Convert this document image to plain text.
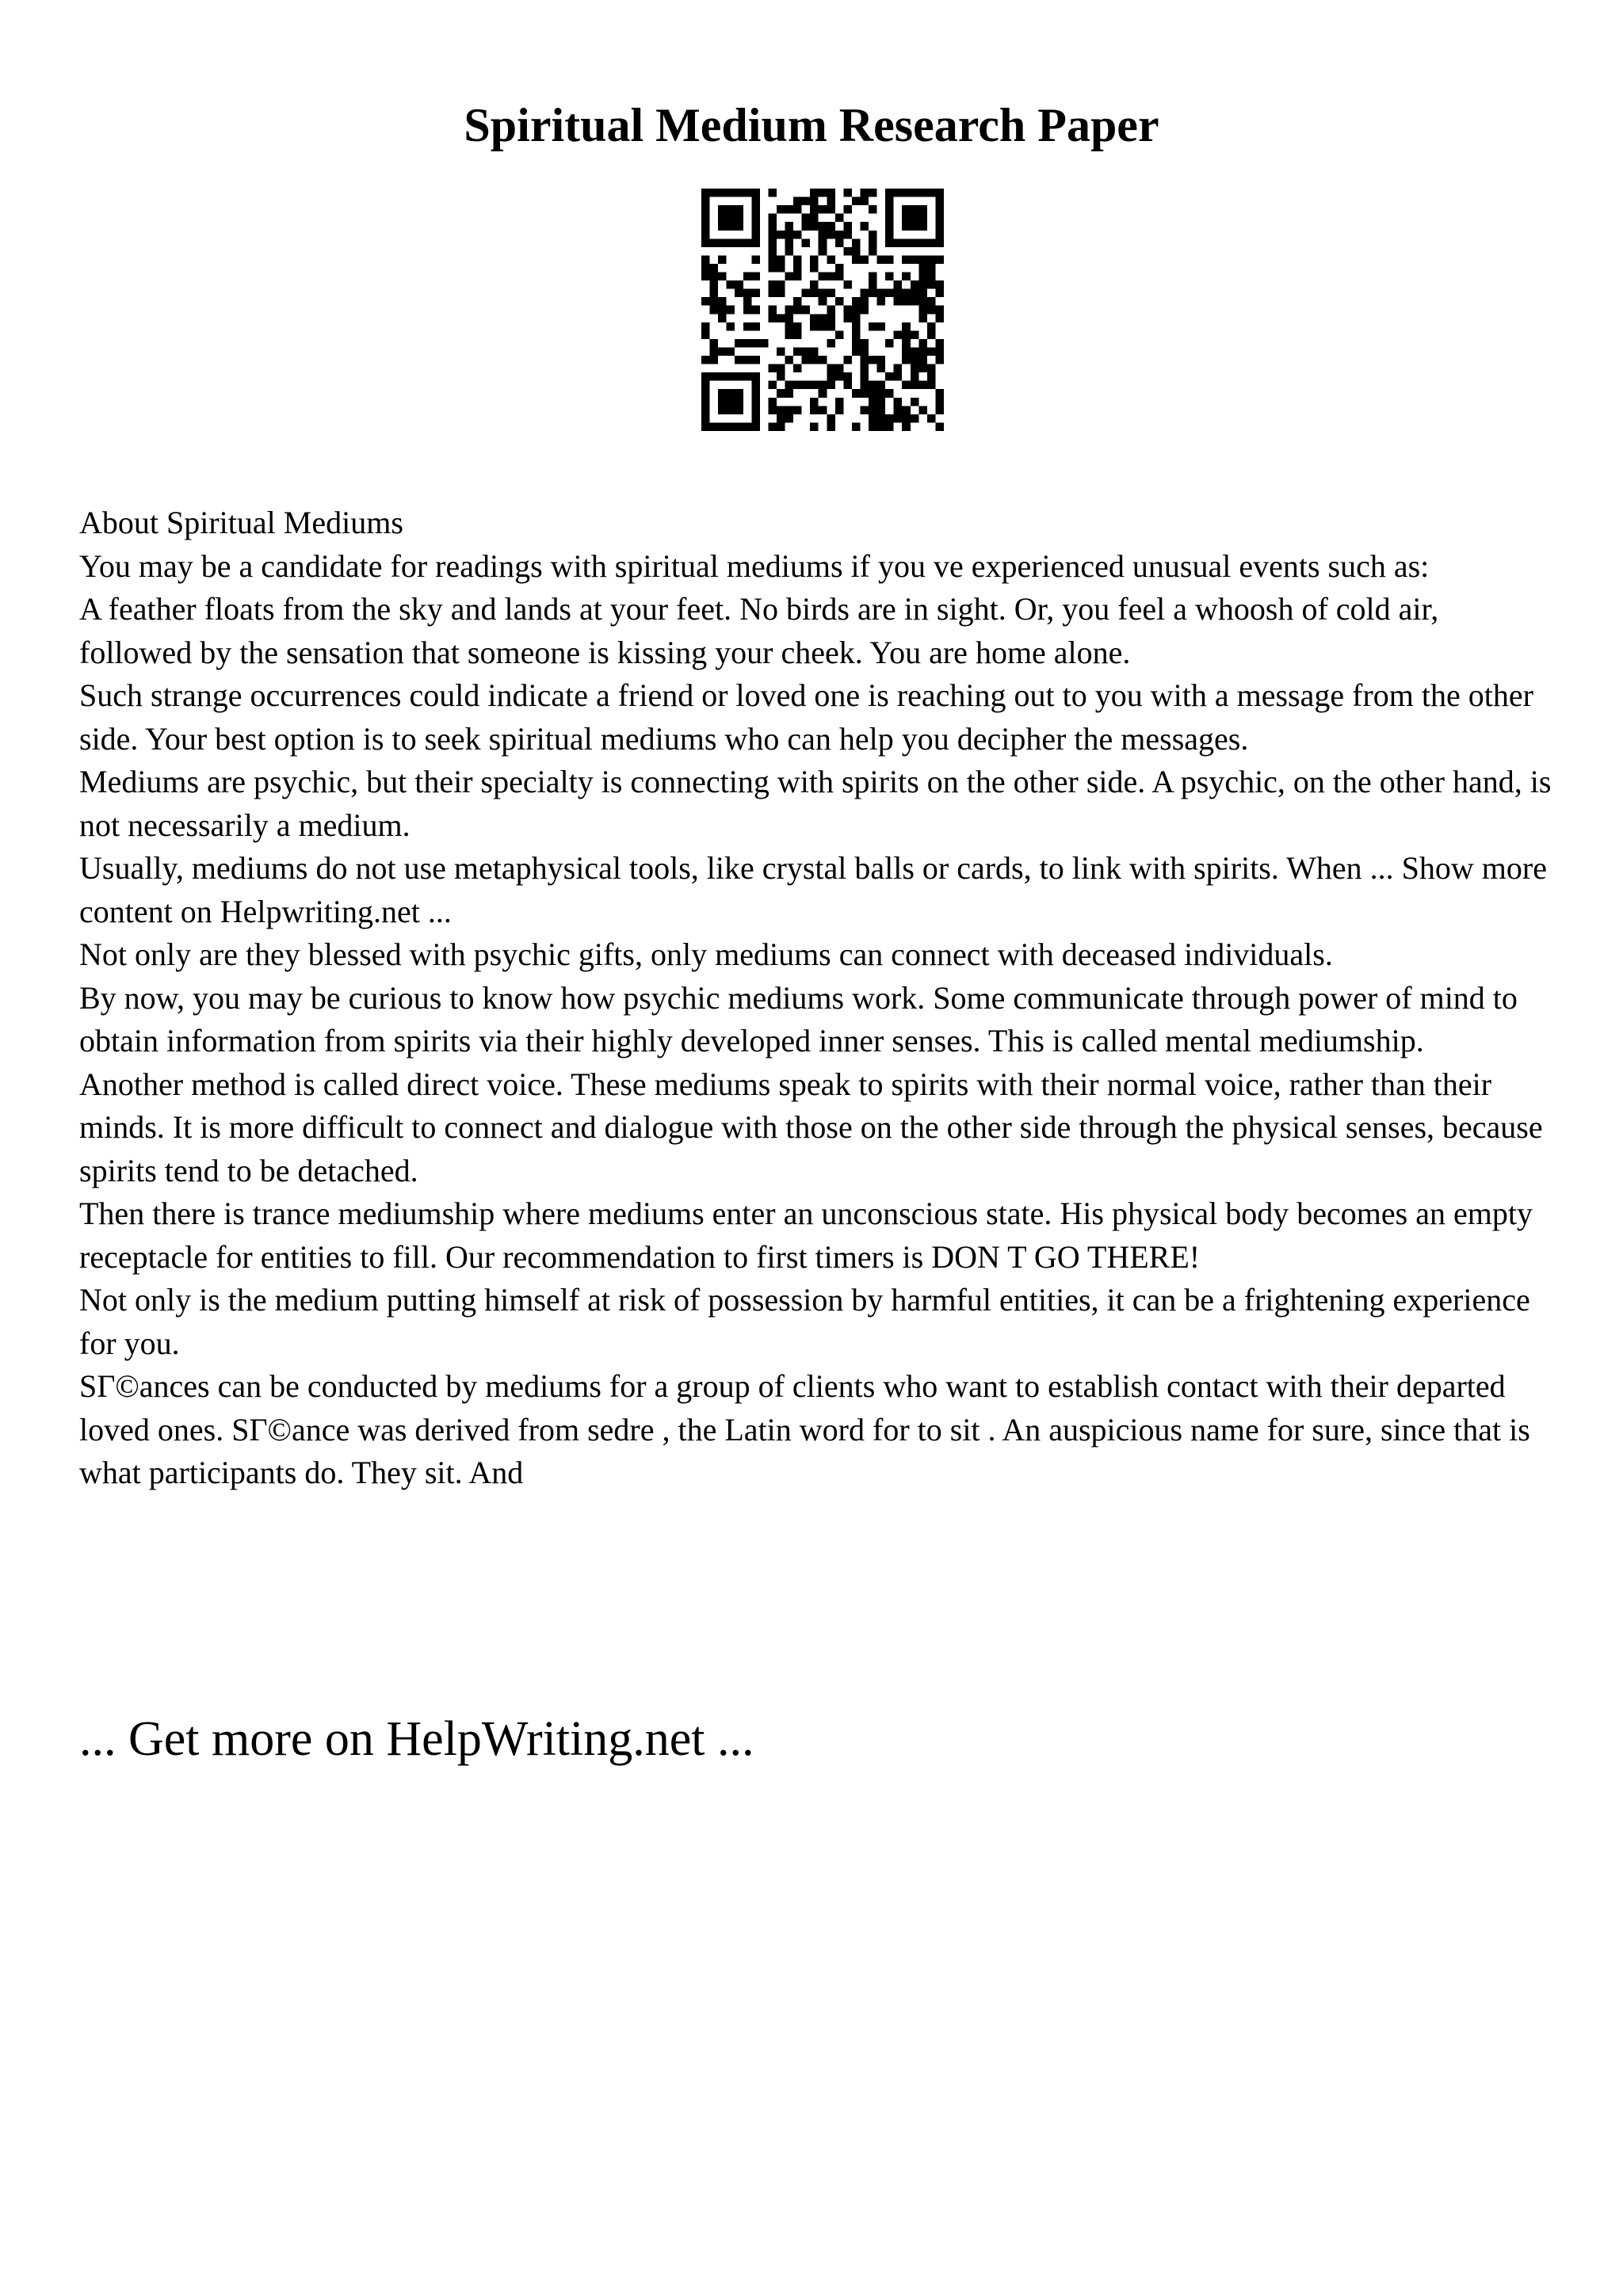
Spiritual Medium Research Paper

About Spiritual Mediums

You may be a candidate for readings with spiritual mediums if you ve experienced unusual events such as:

A feather floats from the sky and lands at your feet. No birds are in sight. Or, you feel a whoosh of cold air, followed by the sensation that someone is kissing your cheek. You are home alone.

Such strange occurrences could indicate a friend or loved one is reaching out to you with a message from the other side. Your best option is to seek spiritual mediums who can help you decipher the messages.

Mediums are psychic, but their specialty is connecting with spirits on the other side. A psychic, on the other hand, is not necessarily a medium.

Usually, mediums do not use metaphysical tools, like crystal balls or cards, to link with spirits. When ... Show more content on Helpwriting.net ...

Not only are they blessed with psychic gifts, only mediums can connect with deceased individuals.

By now, you may be curious to know how psychic mediums work. Some communicate through power of mind to obtain information from spirits via their highly developed inner senses. This is called mental mediumship.

Another method is called direct voice. These mediums speak to spirits with their normal voice, rather than their minds. It is more difficult to connect and dialogue with those on the other side through the physical senses, because spirits tend to be detached.

Then there is trance mediumship where mediums enter an unconscious state. His physical body becomes an empty receptacle for entities to fill. Our recommendation to first timers is DON T GO THERE!

Not only is the medium putting himself at risk of possession by harmful entities, it can be a frightening experience for you.

SГ©ances can be conducted by mediums for a group of clients who want to establish contact with their departed loved ones. SГ©ance was derived from sedre , the Latin word for to sit . An auspicious name for sure, since that is what participants do. They sit. And

... Get more on HelpWriting.net ...
